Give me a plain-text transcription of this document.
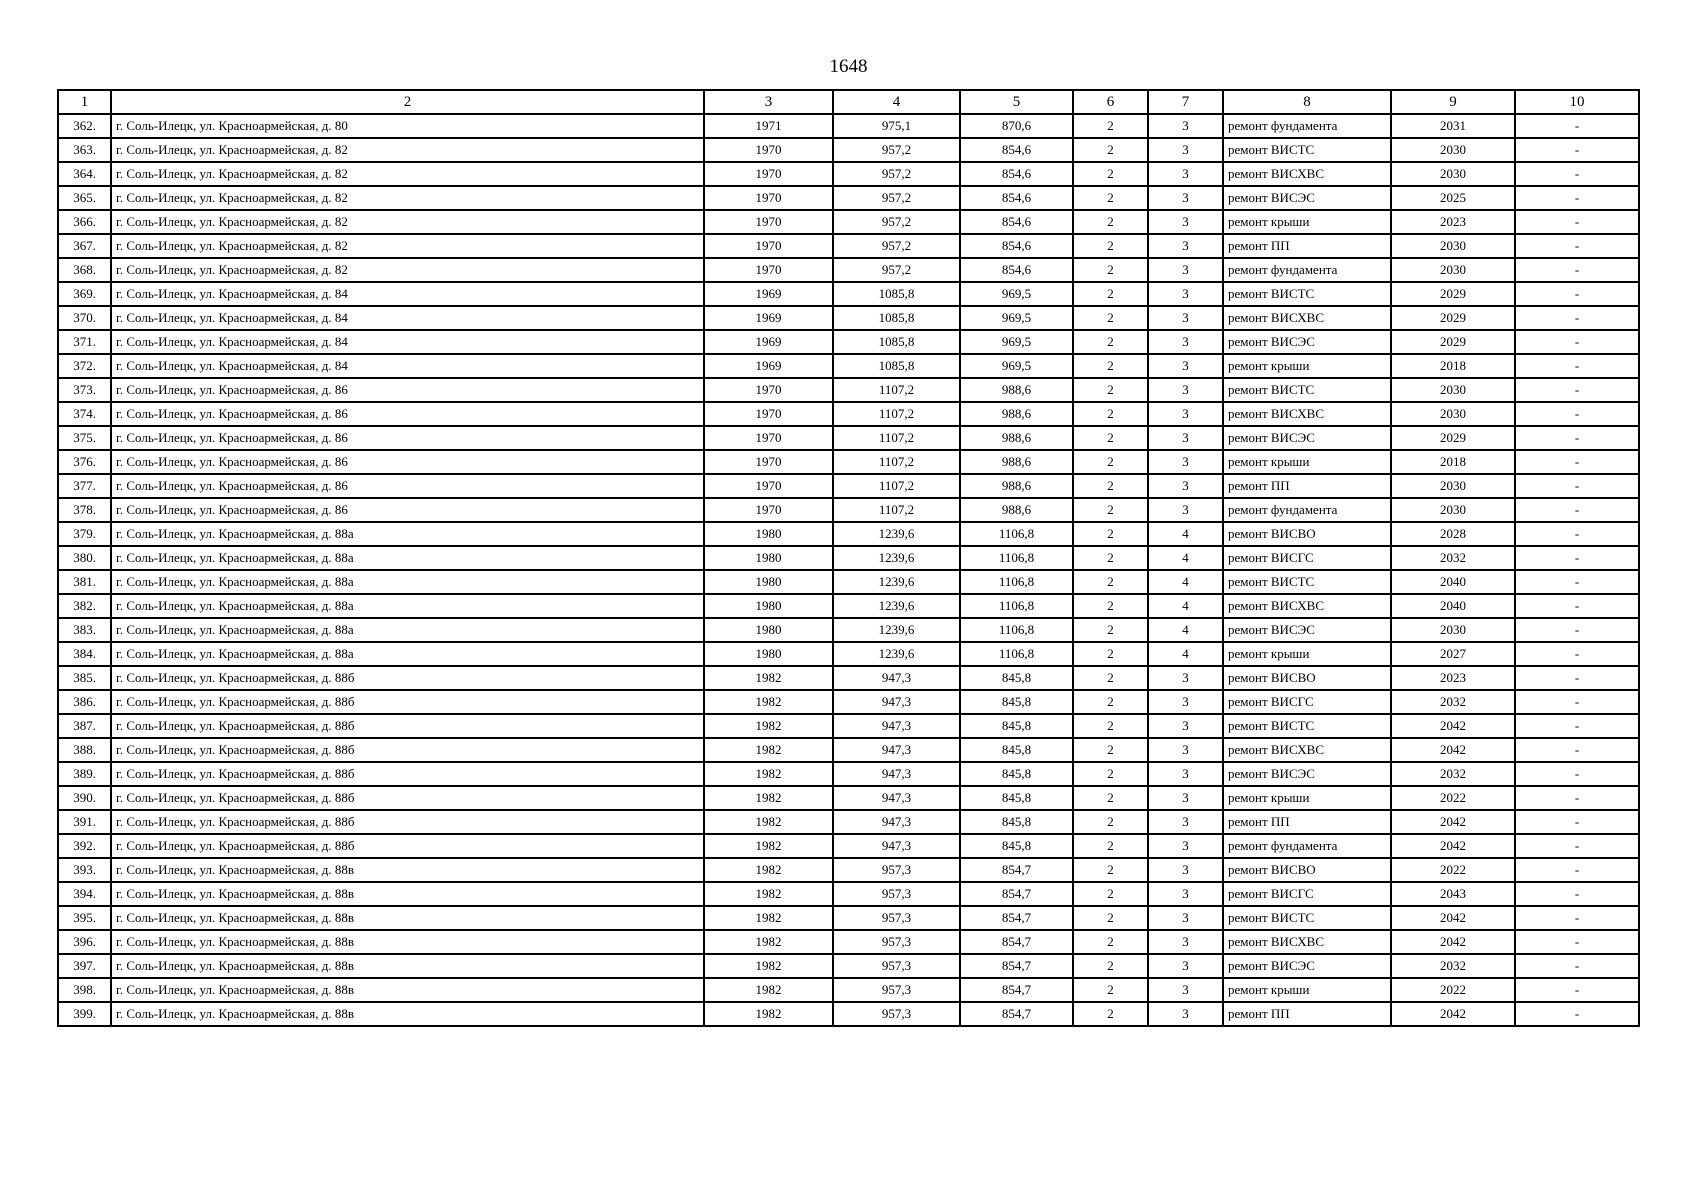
1648
1	2	3	4	5	6	7	8	9	10
362.	г. Соль-Илецк, ул. Красноармейская, д. 80	1971	975,1	870,6	2	3	ремонт фундамента	2031	-
363.	г. Соль-Илецк, ул. Красноармейская, д. 82	1970	957,2	854,6	2	3	ремонт ВИСТС	2030	-
364.	г. Соль-Илецк, ул. Красноармейская, д. 82	1970	957,2	854,6	2	3	ремонт ВИСХВС	2030	-
365.	г. Соль-Илецк, ул. Красноармейская, д. 82	1970	957,2	854,6	2	3	ремонт ВИСЭС	2025	-
366.	г. Соль-Илецк, ул. Красноармейская, д. 82	1970	957,2	854,6	2	3	ремонт крыши	2023	-
367.	г. Соль-Илецк, ул. Красноармейская, д. 82	1970	957,2	854,6	2	3	ремонт ПП	2030	-
368.	г. Соль-Илецк, ул. Красноармейская, д. 82	1970	957,2	854,6	2	3	ремонт фундамента	2030	-
369.	г. Соль-Илецк, ул. Красноармейская, д. 84	1969	1085,8	969,5	2	3	ремонт ВИСТС	2029	-
370.	г. Соль-Илецк, ул. Красноармейская, д. 84	1969	1085,8	969,5	2	3	ремонт ВИСХВС	2029	-
371.	г. Соль-Илецк, ул. Красноармейская, д. 84	1969	1085,8	969,5	2	3	ремонт ВИСЭС	2029	-
372.	г. Соль-Илецк, ул. Красноармейская, д. 84	1969	1085,8	969,5	2	3	ремонт крыши	2018	-
373.	г. Соль-Илецк, ул. Красноармейская, д. 86	1970	1107,2	988,6	2	3	ремонт ВИСТС	2030	-
374.	г. Соль-Илецк, ул. Красноармейская, д. 86	1970	1107,2	988,6	2	3	ремонт ВИСХВС	2030	-
375.	г. Соль-Илецк, ул. Красноармейская, д. 86	1970	1107,2	988,6	2	3	ремонт ВИСЭС	2029	-
376.	г. Соль-Илецк, ул. Красноармейская, д. 86	1970	1107,2	988,6	2	3	ремонт крыши	2018	-
377.	г. Соль-Илецк, ул. Красноармейская, д. 86	1970	1107,2	988,6	2	3	ремонт ПП	2030	-
378.	г. Соль-Илецк, ул. Красноармейская, д. 86	1970	1107,2	988,6	2	3	ремонт фундамента	2030	-
379.	г. Соль-Илецк, ул. Красноармейская, д. 88а	1980	1239,6	1106,8	2	4	ремонт ВИСВО	2028	-
380.	г. Соль-Илецк, ул. Красноармейская, д. 88а	1980	1239,6	1106,8	2	4	ремонт ВИСГС	2032	-
381.	г. Соль-Илецк, ул. Красноармейская, д. 88а	1980	1239,6	1106,8	2	4	ремонт ВИСТС	2040	-
382.	г. Соль-Илецк, ул. Красноармейская, д. 88а	1980	1239,6	1106,8	2	4	ремонт ВИСХВС	2040	-
383.	г. Соль-Илецк, ул. Красноармейская, д. 88а	1980	1239,6	1106,8	2	4	ремонт ВИСЭС	2030	-
384.	г. Соль-Илецк, ул. Красноармейская, д. 88а	1980	1239,6	1106,8	2	4	ремонт крыши	2027	-
385.	г. Соль-Илецк, ул. Красноармейская, д. 88б	1982	947,3	845,8	2	3	ремонт ВИСВО	2023	-
386.	г. Соль-Илецк, ул. Красноармейская, д. 88б	1982	947,3	845,8	2	3	ремонт ВИСГС	2032	-
387.	г. Соль-Илецк, ул. Красноармейская, д. 88б	1982	947,3	845,8	2	3	ремонт ВИСТС	2042	-
388.	г. Соль-Илецк, ул. Красноармейская, д. 88б	1982	947,3	845,8	2	3	ремонт ВИСХВС	2042	-
389.	г. Соль-Илецк, ул. Красноармейская, д. 88б	1982	947,3	845,8	2	3	ремонт ВИСЭС	2032	-
390.	г. Соль-Илецк, ул. Красноармейская, д. 88б	1982	947,3	845,8	2	3	ремонт крыши	2022	-
391.	г. Соль-Илецк, ул. Красноармейская, д. 88б	1982	947,3	845,8	2	3	ремонт ПП	2042	-
392.	г. Соль-Илецк, ул. Красноармейская, д. 88б	1982	947,3	845,8	2	3	ремонт фундамента	2042	-
393.	г. Соль-Илецк, ул. Красноармейская, д. 88в	1982	957,3	854,7	2	3	ремонт ВИСВО	2022	-
394.	г. Соль-Илецк, ул. Красноармейская, д. 88в	1982	957,3	854,7	2	3	ремонт ВИСГС	2043	-
395.	г. Соль-Илецк, ул. Красноармейская, д. 88в	1982	957,3	854,7	2	3	ремонт ВИСТС	2042	-
396.	г. Соль-Илецк, ул. Красноармейская, д. 88в	1982	957,3	854,7	2	3	ремонт ВИСХВС	2042	-
397.	г. Соль-Илецк, ул. Красноармейская, д. 88в	1982	957,3	854,7	2	3	ремонт ВИСЭС	2032	-
398.	г. Соль-Илецк, ул. Красноармейская, д. 88в	1982	957,3	854,7	2	3	ремонт крыши	2022	-
399.	г. Соль-Илецк, ул. Красноармейская, д. 88в	1982	957,3	854,7	2	3	ремонт ПП	2042	-
